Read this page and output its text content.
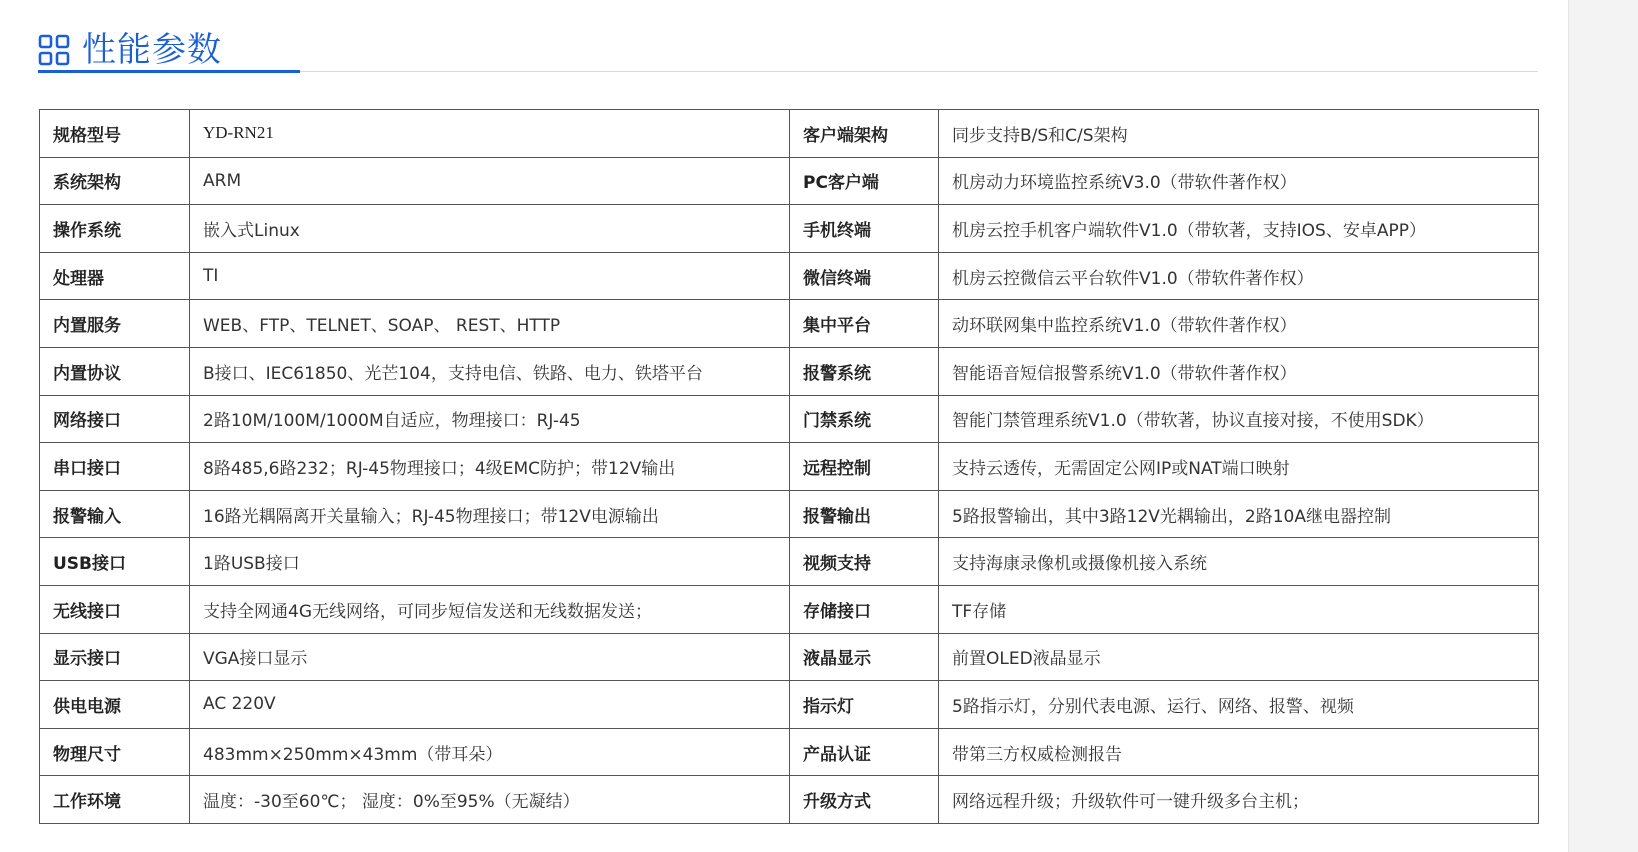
性能参数
规格型号	YD-RN21	客户端架构	同步支持B/S和C/S架构
系统架构	ARM	PC客户端	机房动力环境监控系统V3.0（带软件著作权）
操作系统	嵌入式Linux	手机终端	机房云控手机客户端软件V1.0（带软著，支持IOS、安卓APP）
处理器	TI	微信终端	机房云控微信云平台软件V1.0（带软件著作权）
内置服务	WEB、FTP、TELNET、SOAP、 REST、HTTP	集中平台	动环联网集中监控系统V1.0（带软件著作权）
内置协议	B接口、IEC61850、光芒104，支持电信、铁路、电力、铁塔平台	报警系统	智能语音短信报警系统V1.0（带软件著作权）
网络接口	2路10M/100M/1000M自适应，物理接口：RJ-45	门禁系统	智能门禁管理系统V1.0（带软著，协议直接对接，不使用SDK）
串口接口	8路485,6路232；RJ-45物理接口；4级EMC防护；带12V输出	远程控制	支持云透传，无需固定公网IP或NAT端口映射
报警输入	16路光耦隔离开关量输入；RJ-45物理接口；带12V电源输出	报警输出	5路报警输出，其中3路12V光耦输出，2路10A继电器控制
USB接口	1路USB接口	视频支持	支持海康录像机或摄像机接入系统
无线接口	支持全网通4G无线网络，可同步短信发送和无线数据发送；	存储接口	TF存储
显示接口	VGA接口显示	液晶显示	前置OLED液晶显示
供电电源	AC 220V	指示灯	5路指示灯，分别代表电源、运行、网络、报警、视频
物理尺寸	483mm×250mm×43mm（带耳朵）	产品认证	带第三方权威检测报告
工作环境	温度：-30至60℃； 湿度：0%至95%（无凝结）	升级方式	网络远程升级；升级软件可一键升级多台主机；
